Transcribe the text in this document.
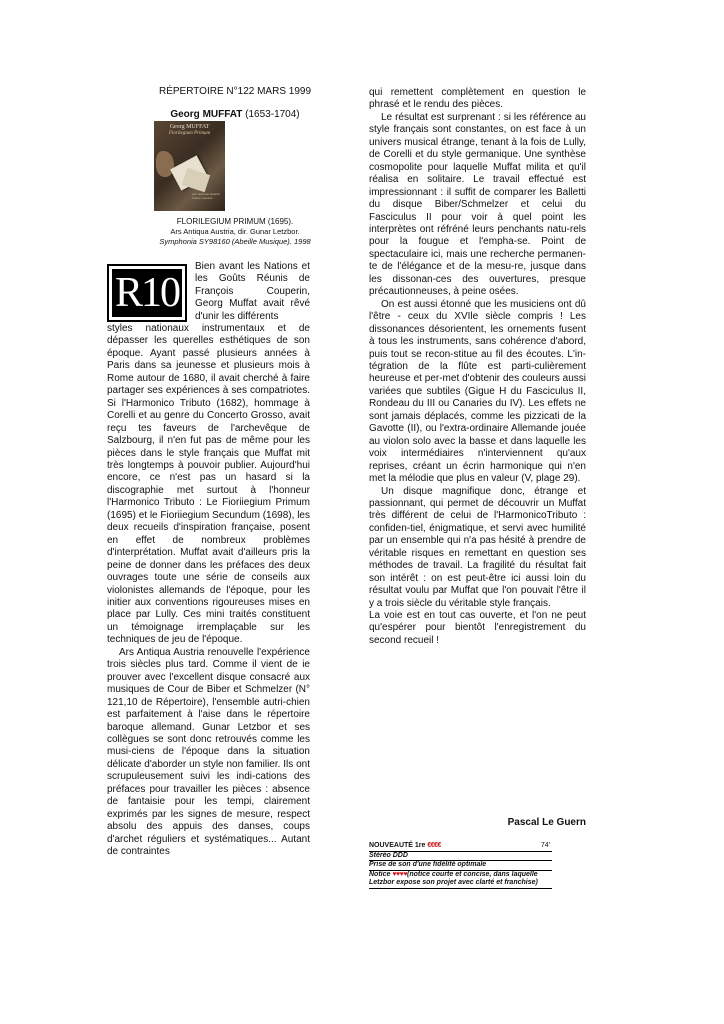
RÉPERTOIRE N°122 MARS 1999
Georg MUFFAT (1653-1704)
Georg MUFFAT
Florilegium Primum
Ars Antiqua Austria Gunar Letzbor
FLORILEGIUM PRIMUM (1695).
Ars Antiqua Austria, dir. Gunar Letzbor.
Symphonia SY98160 (Abeille Musique). 1998
R10

Bien avant les Nations et les Goûts Réunis de François Couperin, Georg Muffat avait rêvé d'unir les différents

styles nationaux instrumentaux et de dépasser les querelles esthétiques de son époque. Ayant passé plusieurs années à Paris dans sa jeunesse et plusieurs mois à Rome autour de 1680, il avait cherché à faire partager ses expériences à ses compatriotes. Si l'Harmonico Tributo (1682), hommage à Corelli et au genre du Concerto Grosso, avait reçu tes faveurs de l'archevêque de Salzbourg, il n'en fut pas de même pour les pièces dans le style français que Muffat mit très longtemps à pouvoir publier. Aujourd'hui encore, ce n'est pas un hasard si la discographie met surtout à l'honneur l'Harmonico Tributo : Le Fioriiegium Primum (1695) et le Fioriiegium Secundum (1698), les deux recueils d'inspiration française, posent en effet de nombreux problèmes d'interprétation. Muffat avait d'ailleurs pris la peine de donner dans les préfaces des deux ouvrages toute une série de conseils aux violonistes allemands de l'époque, pour les initier aux conventions rigoureuses mises en place par Lully. Ces mini traités constituent un témoignage irremplaçable sur les techniques de jeu de l'époque.

Ars Antiqua Austria renouvelle l'expérience trois siècles plus tard. Comme il vient de ie prouver avec l'excellent disque consacré aux musiques de Cour de Biber et Schmelzer (N° 121,10 de Répertoire), l'ensemble autri-chien est parfaitement à l'aise dans le répertoire baroque allemand. Gunar Letzbor et ses collègues se sont donc retrouvés comme les musi-ciens de l'époque dans la situation délicate d'aborder un style non familier. Ils ont scrupuleusement suivi les indi-cations des préfaces pour travailler les pièces : absence de fantaisie pour les tempi, clairement exprimés par les signes de mesure, respect absolu des appuis des danses, coups d'archet réguliers et systématiques... Autant de contraintes

qui remettent complètement en question le phrasé et le rendu des pièces.

Le résultat est surprenant : si les référence au style français sont constantes, on est face à un univers musical étrange, tenant à la fois de Lully, de Corelli et du style germanique. Une synthèse cosmopolite pour laquelle Muffat milita et qu'il réalisa en solitaire. Le travail effectué est impressionnant : il suffit de comparer les Balletti du disque Biber/Schmelzer et celui du Fasciculus II pour voir à quel point les interprètes ont réfréné leurs penchants natu-rels pour la fougue et l'empha-se. Point de spectaculaire ici, mais une recherche permanen-te de l'élégance et de la mesu-re, jusque dans les dissonan-ces des ouvertures, presque précautionneuses, à peine osées.

On est aussi étonné que les musiciens ont dû l'être - ceux du XVIle siècle compris ! Les dissonances désorientent, les ornements fusent à tous les instruments, sans cohérence d'abord, puis tout se recon-stitue au fil des écoutes. L'in-tégration de la flûte est parti-culièrement heureuse et per-met d'obtenir des couleurs aussi variées que subtiles (Gigue H du Fasciculus II, Rondeau du III ou Canaries du IV). Les effets ne sont jamais déplacés, comme les pizzicati de la Gavotte (II), ou l'extra-ordinaire Allemande jouée au violon solo avec la basse et dans laquelle les voix intermédiaires n'interviennent qu'aux reprises, créant un écrin harmonique qui n'en met la mélodie que plus en valeur (V, plage 29).

Un disque magnifique donc, étrange et passionnant, qui permet de découvrir un Muffat très différent de celui de l'HarmonicoTributo : confiden-tiel, énigmatique, et servi avec humilité par un ensemble qui n'a pas hésité à prendre de véritable risques en remettant en question ses méthodes de travail. La fragilité du résultat fait son intérêt : on est peut-être ici aussi loin du résultat voulu par Muffat que l'on pouvait l'être il y a trois siècle du véritable style français.

La voie est en tout cas ouverte, et l'on ne peut qu'espérer pour bientôt l'enregistrement du second recueil !

Pascal Le Guern
NOUVEAUTÉ 1re €€€€	74'
Stéréo DDD
Prise de son d'une fidélité optimale
Notice ♥♥♥♥(notice courte et concise, dans laquelle Letzbor expose son projet avec clarté et franchise)
